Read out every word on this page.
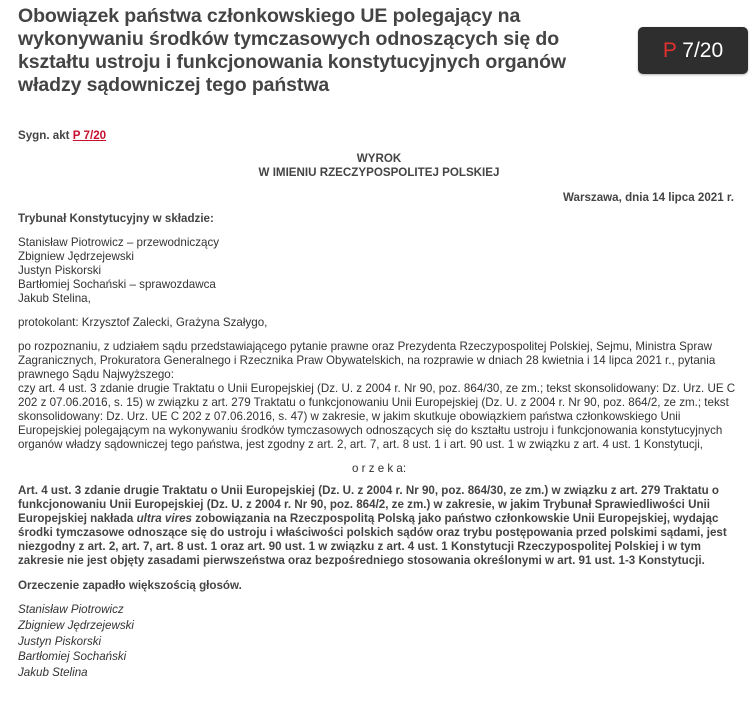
Obowiązek państwa członkowskiego UE polegający na wykonywaniu środków tymczasowych odnoszących się do kształtu ustroju i funkcjonowania konstytucyjnych organów władzy sądowniczej tego państwa
P 7/20

Sygn. akt P 7/20

WYROK

W IMIENIU RZECZYPOSPOLITEJ POLSKIEJ

Warszawa, dnia 14 lipca 2021 r.

Trybunał Konstytucyjny w składzie:

Stanisław Piotrowicz – przewodniczący

Zbigniew Jędrzejewski

Justyn Piskorski

Bartłomiej Sochański – sprawozdawca

Jakub Stelina,

protokolant: Krzysztof Zalecki, Grażyna Szałygo,

po rozpoznaniu, z udziałem sądu przedstawiającego pytanie prawne oraz Prezydenta Rzeczypospolitej Polskiej, Sejmu, Ministra Spraw Zagranicznych, Prokuratora Generalnego i Rzecznika Praw Obywatelskich, na rozprawie w dniach 28 kwietnia i 14 lipca 2021 r., pytania prawnego Sądu Najwyższego:

czy art. 4 ust. 3 zdanie drugie Traktatu o Unii Europejskiej (Dz. U. z 2004 r. Nr 90, poz. 864/30, ze zm.; tekst skonsolidowany: Dz. Urz. UE C 202 z 07.06.2016, s. 15) w związku z art. 279 Traktatu o funkcjonowaniu Unii Europejskiej (Dz. U. z 2004 r. Nr 90, poz. 864/2, ze zm.; tekst skonsolidowany: Dz. Urz. UE C 202 z 07.06.2016, s. 47) w zakresie, w jakim skutkuje obowiązkiem państwa członkowskiego Unii Europejskiej polegającym na wykonywaniu środków tymczasowych odnoszących się do kształtu ustroju i funkcjonowania konstytucyjnych organów władzy sądowniczej tego państwa, jest zgodny z art. 2, art. 7, art. 8 ust. 1 i art. 90 ust. 1 w związku z art. 4 ust. 1 Konstytucji,

o r z e k a:

Art. 4 ust. 3 zdanie drugie Traktatu o Unii Europejskiej (Dz. U. z 2004 r. Nr 90, poz. 864/30, ze zm.) w związku z art. 279 Traktatu o funkcjonowaniu Unii Europejskiej (Dz. U. z 2004 r. Nr 90, poz. 864/2, ze zm.) w zakresie, w jakim Trybunał Sprawiedliwości Unii Europejskiej nakłada ultra vires zobowiązania na Rzeczpospolitą Polską jako państwo członkowskie Unii Europejskiej, wydając środki tymczasowe odnoszące się do ustroju i właściwości polskich sądów oraz trybu postępowania przed polskimi sądami, jest niezgodny z art. 2, art. 7, art. 8 ust. 1 oraz art. 90 ust. 1 w związku z art. 4 ust. 1 Konstytucji Rzeczypospolitej Polskiej i w tym zakresie nie jest objęty zasadami pierwszeństwa oraz bezpośredniego stosowania określonymi w art. 91 ust. 1-3 Konstytucji.

Orzeczenie zapadło większością głosów.

Stanisław Piotrowicz

Zbigniew Jędrzejewski

Justyn Piskorski

Bartłomiej Sochański

Jakub Stelina
